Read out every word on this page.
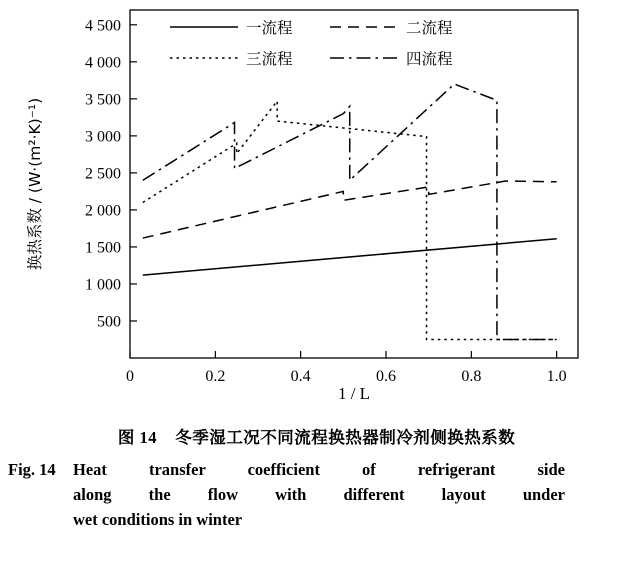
500
1 000
1 500
2 000
2 500
3 000
3 500
4 000
4 500
0	0.2	0.4	0.6	0.8	1.0
换热系数 / (W·(m²·K)⁻¹)
1 / L
一流程	二流程
三流程	四流程
图 14 冬季湿工况不同流程换热器制冷剂侧换热系数
Fig. 14 Heat transfer coefficient of refrigerant side
along the flow with different layout under
wet conditions in winter
